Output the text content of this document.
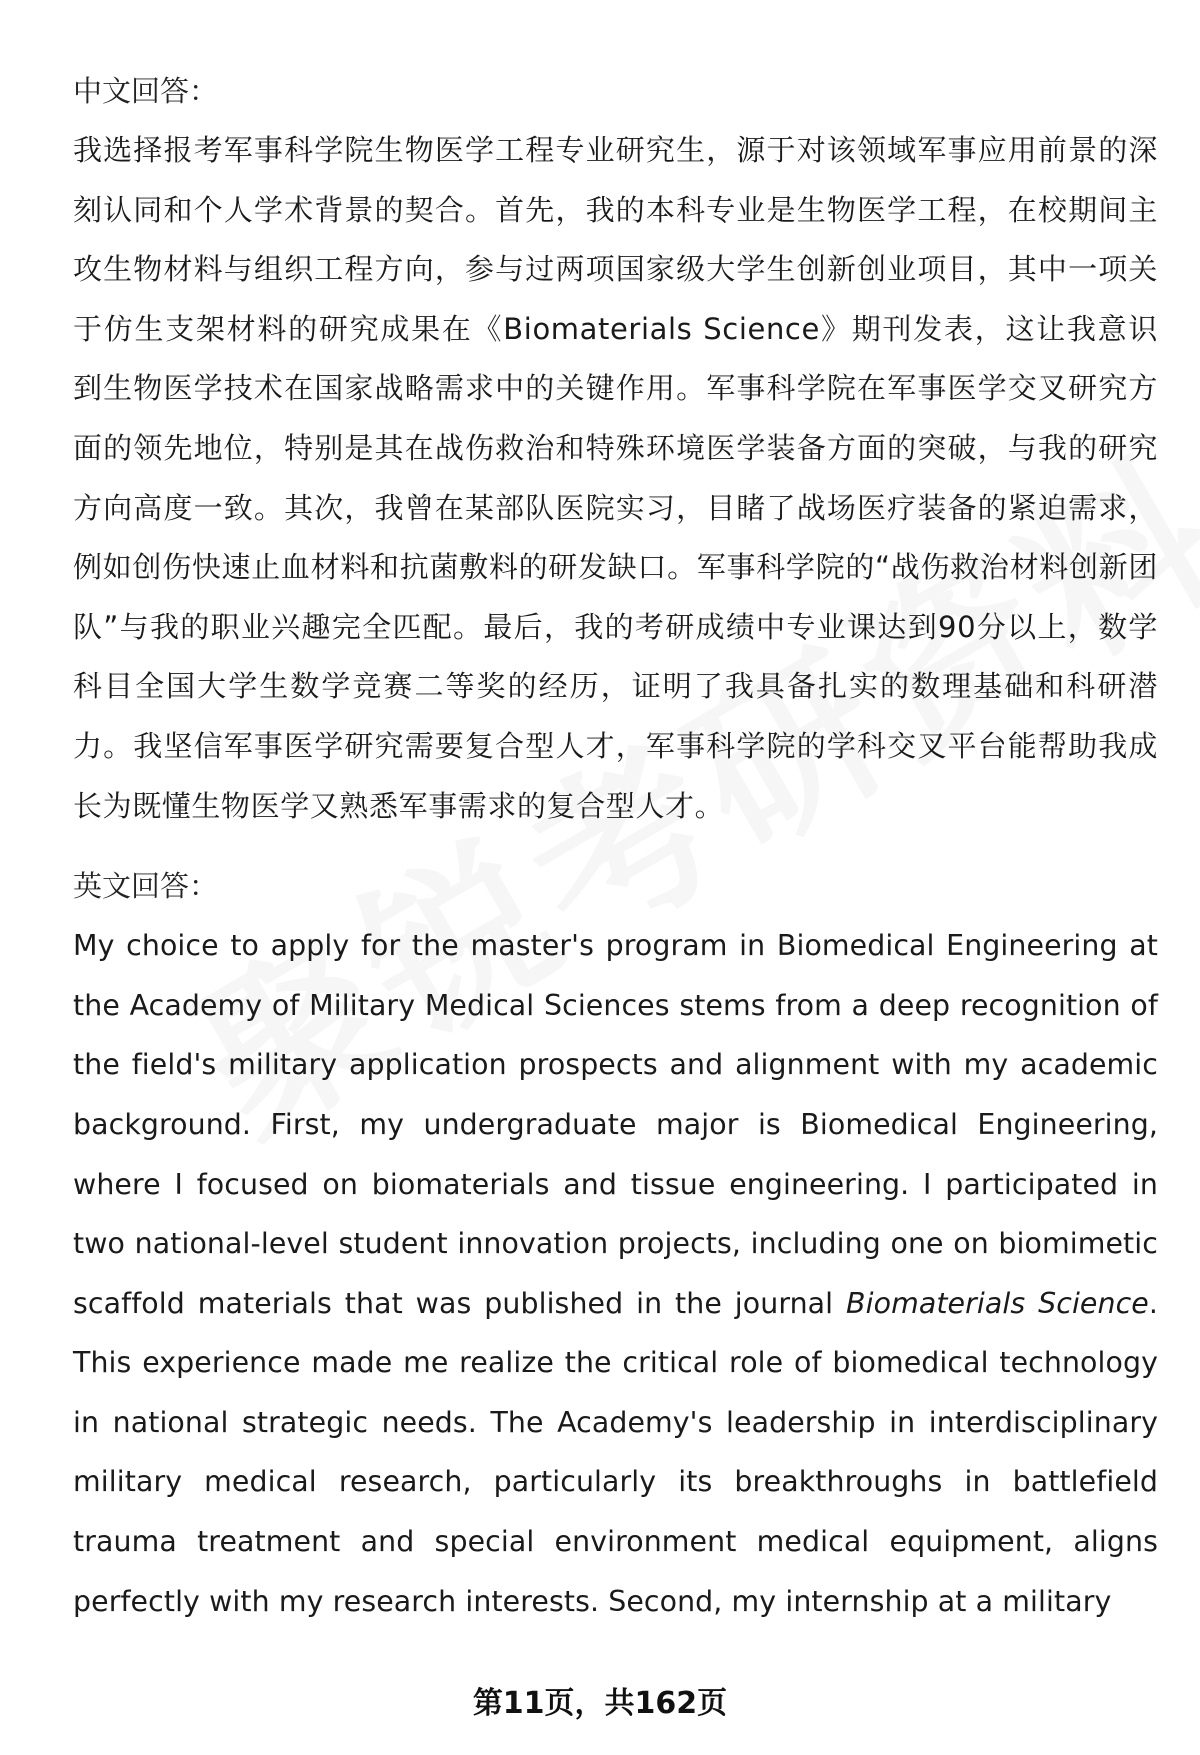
中文回答：

我选择报考军事科学院生物医学工程专业研究生，源于对该领域军事应用前景的深刻认同和个人学术背景的契合。首先，我的本科专业是生物医学工程，在校期间主攻生物材料与组织工程方向，参与过两项国家级大学生创新创业项目，其中一项关于仿生支架材料的研究成果在《Biomaterials Science》期刊发表，这让我意识到生物医学技术在国家战略需求中的关键作用。军事科学院在军事医学交叉研究方面的领先地位，特别是其在战伤救治和特殊环境医学装备方面的突破，与我的研究方向高度一致。其次，我曾在某部队医院实习，目睹了战场医疗装备的紧迫需求，例如创伤快速止血材料和抗菌敷料的研发缺口。军事科学院的“战伤救治材料创新团队”与我的职业兴趣完全匹配。最后，我的考研成绩中专业课达到90分以上，数学科目全国大学生数学竞赛二等奖的经历，证明了我具备扎实的数理基础和科研潜力。我坚信军事医学研究需要复合型人才，军事科学院的学科交叉平台能帮助我成长为既懂生物医学又熟悉军事需求的复合型人才。

英文回答：

My choice to apply for the master's program in Biomedical Engineering at the Academy of Military Medical Sciences stems from a deep recognition of the field's military application prospects and alignment with my academic background. First, my undergraduate major is Biomedical Engineering, where I focused on biomaterials and tissue engineering. I participated in two national-level student innovation projects, including one on biomimetic scaffold materials that was published in the journal Biomaterials Science. This experience made me realize the critical role of biomedical technology in national strategic needs. The Academy's leadership in interdisciplinary military medical research, particularly its breakthroughs in battlefield trauma treatment and special environment medical equipment, aligns perfectly with my research interests. Second, my internship at a military

第11页，共162页
